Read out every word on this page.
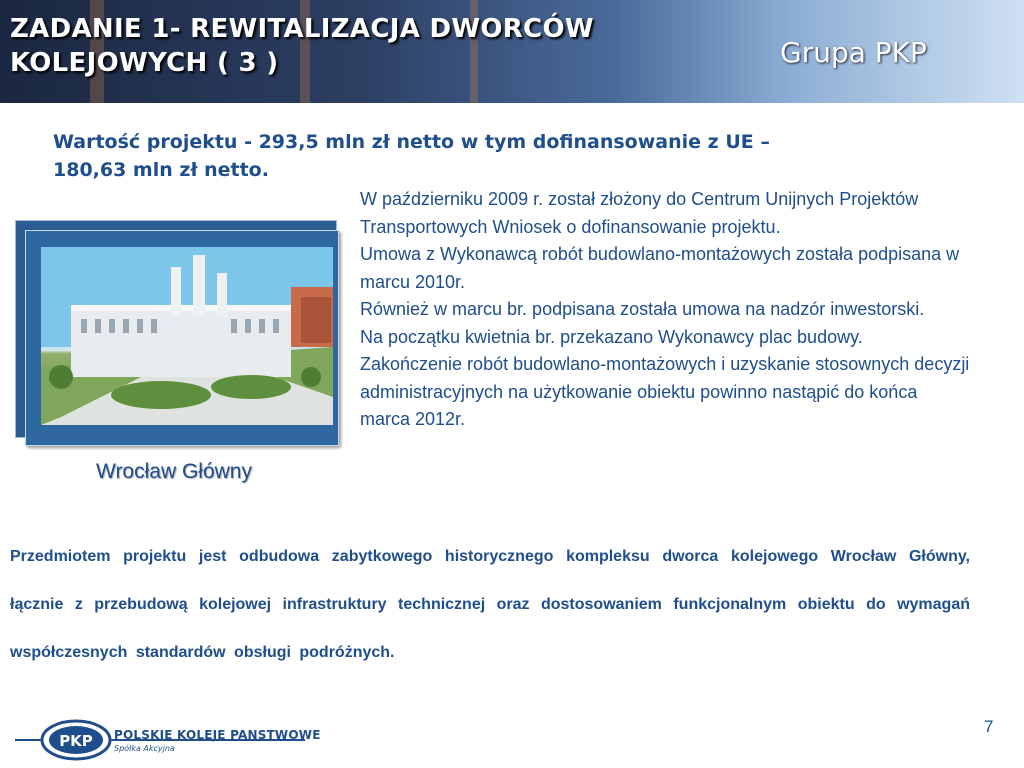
ZADANIE 1- REWITALIZACJA DWORCÓW
KOLEJOWYCH ( 3 )	Grupa PKP
Wartość projektu - 293,5 mln zł netto w tym dofinansowanie z UE –
180,63 mln zł netto.
Wrocław Główny

W październiku 2009 r. został złożony do Centrum Unijnych Projektów Transportowych Wniosek o dofinansowanie projektu.

Umowa z Wykonawcą robót budowlano-montażowych została podpisana w marcu 2010r.

Również w marcu br. podpisana została umowa na nadzór inwestorski.

Na początku kwietnia br. przekazano Wykonawcy plac budowy.

Zakończenie robót budowlano-montażowych i uzyskanie stosownych decyzji administracyjnych na użytkowanie obiektu powinno nastąpić do końca marca 2012r.

Przedmiotem projektu jest odbudowa zabytkowego historycznego kompleksu dworca kolejowego Wrocław Główny, łącznie z przebudową kolejowej infrastruktury technicznej oraz dostosowaniem funkcjonalnym obiektu do wymagań współczesnych standardów obsługi podróżnych.

PKP POLSKIE KOLEJE PANSTWOWE
Spółka Akcyjna
7
